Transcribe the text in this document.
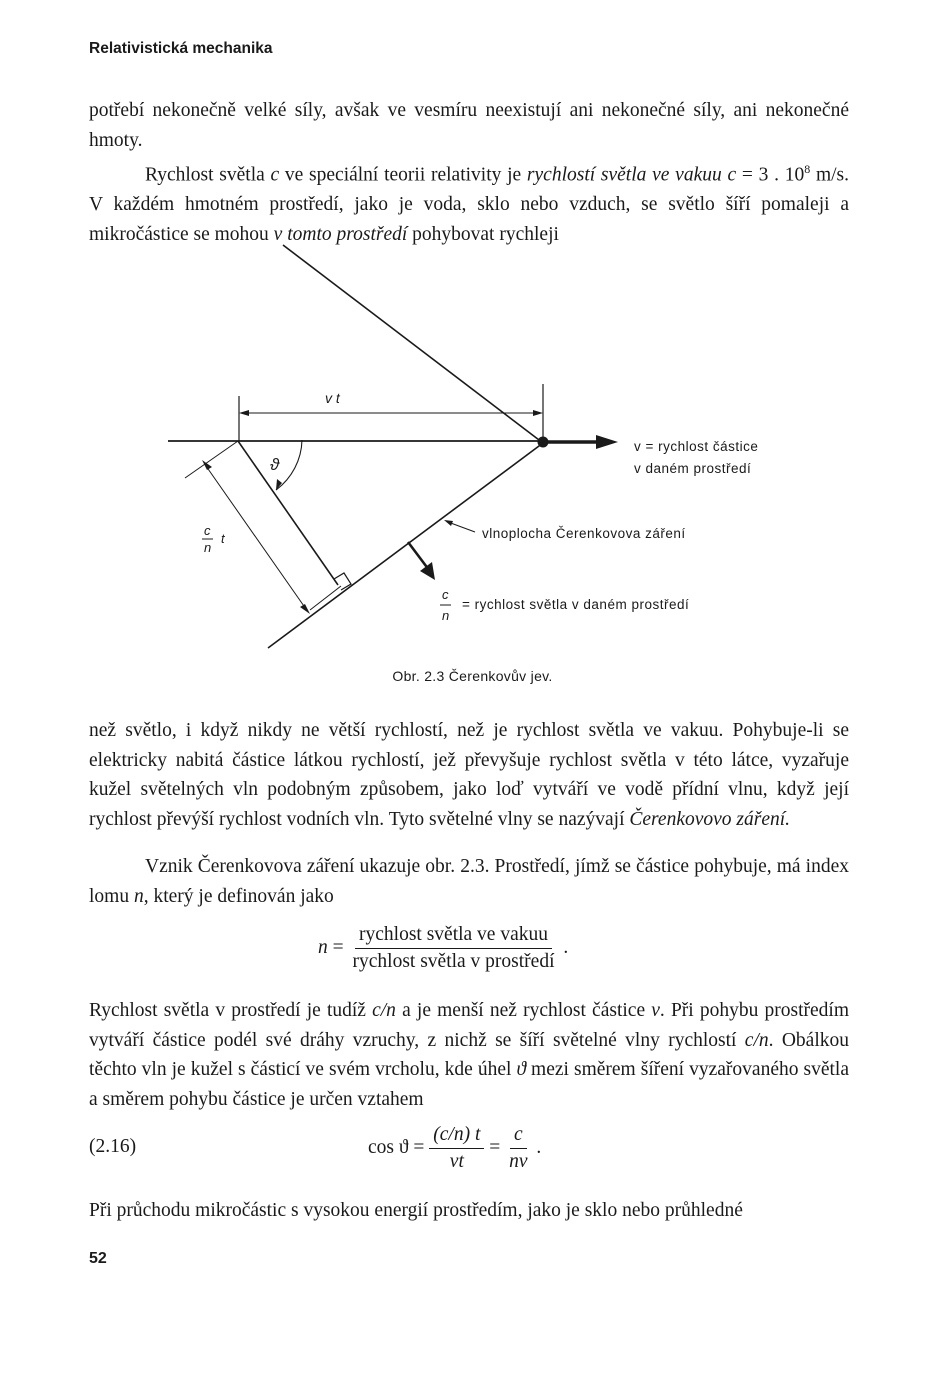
Relativistická mechanika

potřebí nekonečně velké síly, avšak ve vesmíru neexistují ani nekonečné síly, ani nekonečné hmoty.

Rychlost světla c ve speciální teorii relativity je rychlostí světla ve vakuu c = 3 . $10^8$ m/s. V každém hmotném prostředí, jako je voda, sklo nebo vzduch, se světlo šíří pomaleji a mikročástice se mohou v tomto prostředí pohybovat rychleji

v t
ϑ
c
n
t
v = rychlost částice
v daném prostředí
vlnoplocha Čerenkovova záření
c
n
= rychlost světla v daném prostředí
Obr. 2.3 Čerenkovův jev.

než světlo, i když nikdy ne větší rychlostí, než je rychlost světla ve vakuu. Pohybuje-li se elektricky nabitá částice látkou rychlostí, jež převyšuje rychlost světla v této látce, vyzařuje kužel světelných vln podobným způsobem, jako loď vytváří ve vodě přídní vlnu, když její rychlost převýší rychlost vodních vln. Tyto světelné vlny se nazývají Čerenkovovo záření.

Vznik Čerenkovova záření ukazuje obr. 2.3. Prostředí, jímž se částice pohybuje, má index lomu n, který je definován jako

$n = \frac{\text{rychlost světla ve vakuu}}{\text{rychlost světla v prostředí}}$ .

Rychlost světla v prostředí je tudíž c/n a je menší než rychlost částice v. Při pohybu prostředím vytváří částice podél své dráhy vzruchy, z nichž se šíří světelné vlny rychlostí c/n. Obálkou těchto vln je kužel s částicí ve svém vrcholu, kde úhel ϑ mezi směrem šíření vyzařovaného světla a směrem pohybu částice je určen vztahem

(2.16)	$\cos ϑ = \frac{(c/n) t}{vt} = \frac{c}{nv}$ .

Při průchodu mikročástic s vysokou energií prostředím, jako je sklo nebo průhledné

52
